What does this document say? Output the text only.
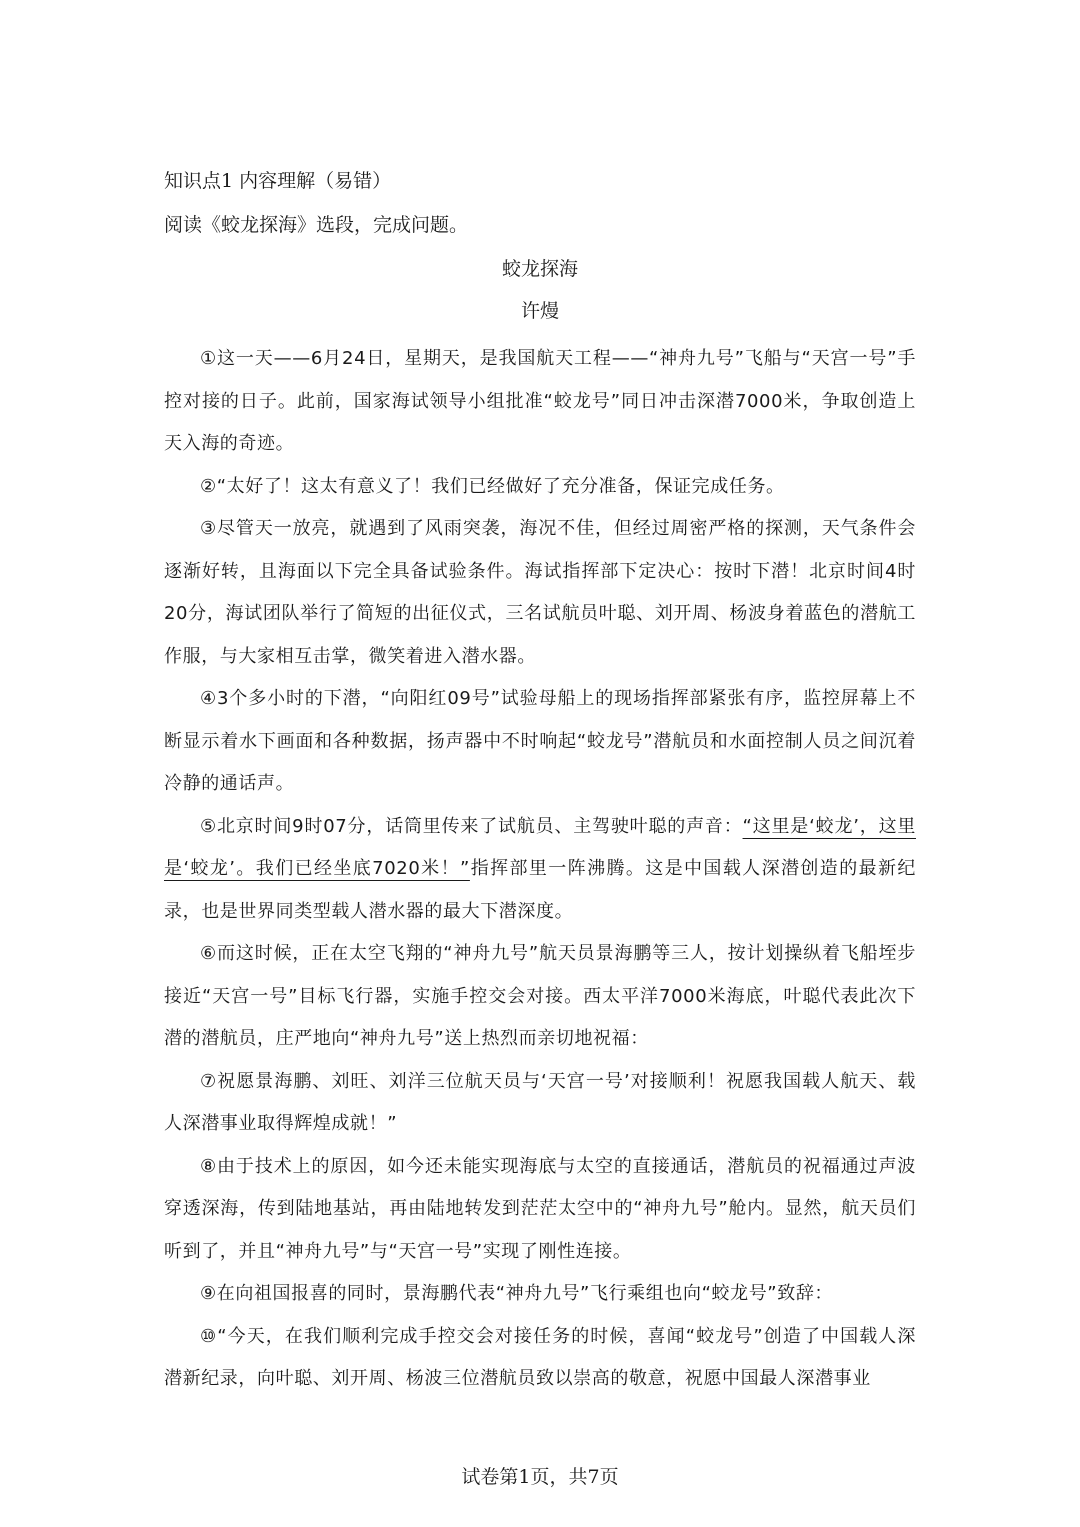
知识点1 内容理解（易错）
阅读《蛟龙探海》选段，完成问题。
蛟龙探海
许熳

①这一天——6月24日，星期天，是我国航天工程——“神舟九号”飞船与“天宫一号”手控对接的日子。此前，国家海试领导小组批准“蛟龙号”同日冲击深潜7000米，争取创造上天入海的奇迹。

②“太好了！这太有意义了！我们已经做好了充分准备，保证完成任务。

③尽管天一放亮，就遇到了风雨突袭，海况不佳，但经过周密严格的探测，天气条件会逐渐好转，且海面以下完全具备试验条件。海试指挥部下定决心：按时下潜！北京时间4时20分，海试团队举行了简短的出征仪式，三名试航员叶聪、刘开周、杨波身着蓝色的潜航工作服，与大家相互击掌，微笑着进入潜水器。

④3个多小时的下潜，“向阳红09号”试验母船上的现场指挥部紧张有序，监控屏幕上不断显示着水下画面和各种数据，扬声器中不时响起“蛟龙号”潜航员和水面控制人员之间沉着冷静的通话声。

⑤北京时间9时07分，话筒里传来了试航员、主驾驶叶聪的声音：“这里是‘蛟龙’，这里是‘蛟龙’。我们已经坐底7020米！”指挥部里一阵沸腾。这是中国载人深潜创造的最新纪录，也是世界同类型载人潜水器的最大下潜深度。

⑥而这时候，正在太空飞翔的“神舟九号”航天员景海鹏等三人，按计划操纵着飞船垤步接近“天宫一号”目标飞行器，实施手控交会对接。西太平洋7000米海底，叶聪代表此次下潜的潜航员，庄严地向“神舟九号”送上热烈而亲切地祝福：

⑦祝愿景海鹏、刘旺、刘洋三位航天员与‘天宫一号’对接顺利！祝愿我国载人航天、载人深潜事业取得辉煌成就！”

⑧由于技术上的原因，如今还未能实现海底与太空的直接通话，潜航员的祝福通过声波穿透深海，传到陆地基站，再由陆地转发到茫茫太空中的“神舟九号”舱内。显然，航天员们听到了，并且“神舟九号”与“天宫一号”实现了刚性连接。

⑨在向祖国报喜的同时，景海鹏代表“神舟九号”飞行乘组也向“蛟龙号”致辞：

⑩“今天，在我们顺利完成手控交会对接任务的时候，喜闻“蛟龙号”创造了中国载人深潜新纪录，向叶聪、刘开周、杨波三位潜航员致以崇高的敬意，祝愿中国最人深潜事业

试卷第1页，共7页
